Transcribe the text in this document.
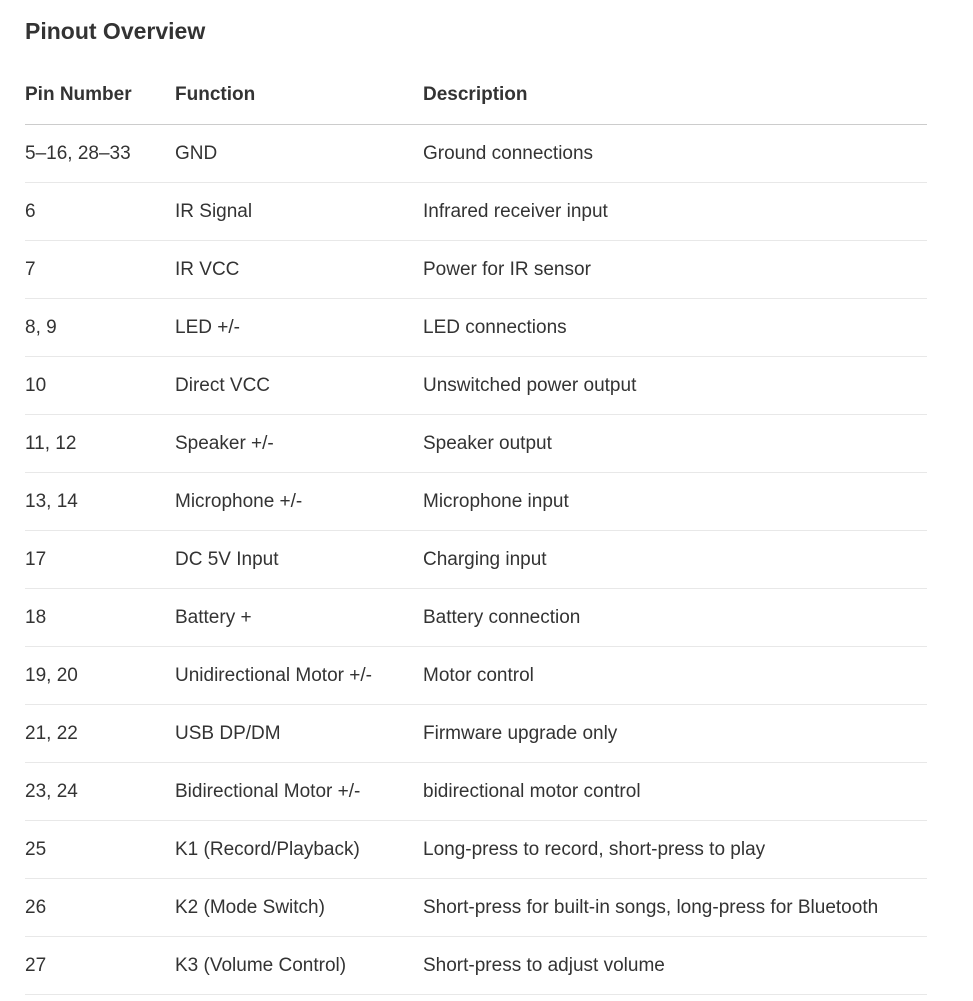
Pinout Overview
Pin Number	Function	Description
5–16, 28–33	GND	Ground connections
6	IR Signal	Infrared receiver input
7	IR VCC	Power for IR sensor
8, 9	LED +/-	LED connections
10	Direct VCC	Unswitched power output
11, 12	Speaker +/-	Speaker output
13, 14	Microphone +/-	Microphone input
17	DC 5V Input	Charging input
18	Battery +	Battery connection
19, 20	Unidirectional Motor +/-	Motor control
21, 22	USB DP/DM	Firmware upgrade only
23, 24	Bidirectional Motor +/-	bidirectional motor control
25	K1 (Record/Playback)	Long-press to record, short-press to play
26	K2 (Mode Switch)	Short-press for built-in songs, long-press for Bluetooth
27	K3 (Volume Control)	Short-press to adjust volume
